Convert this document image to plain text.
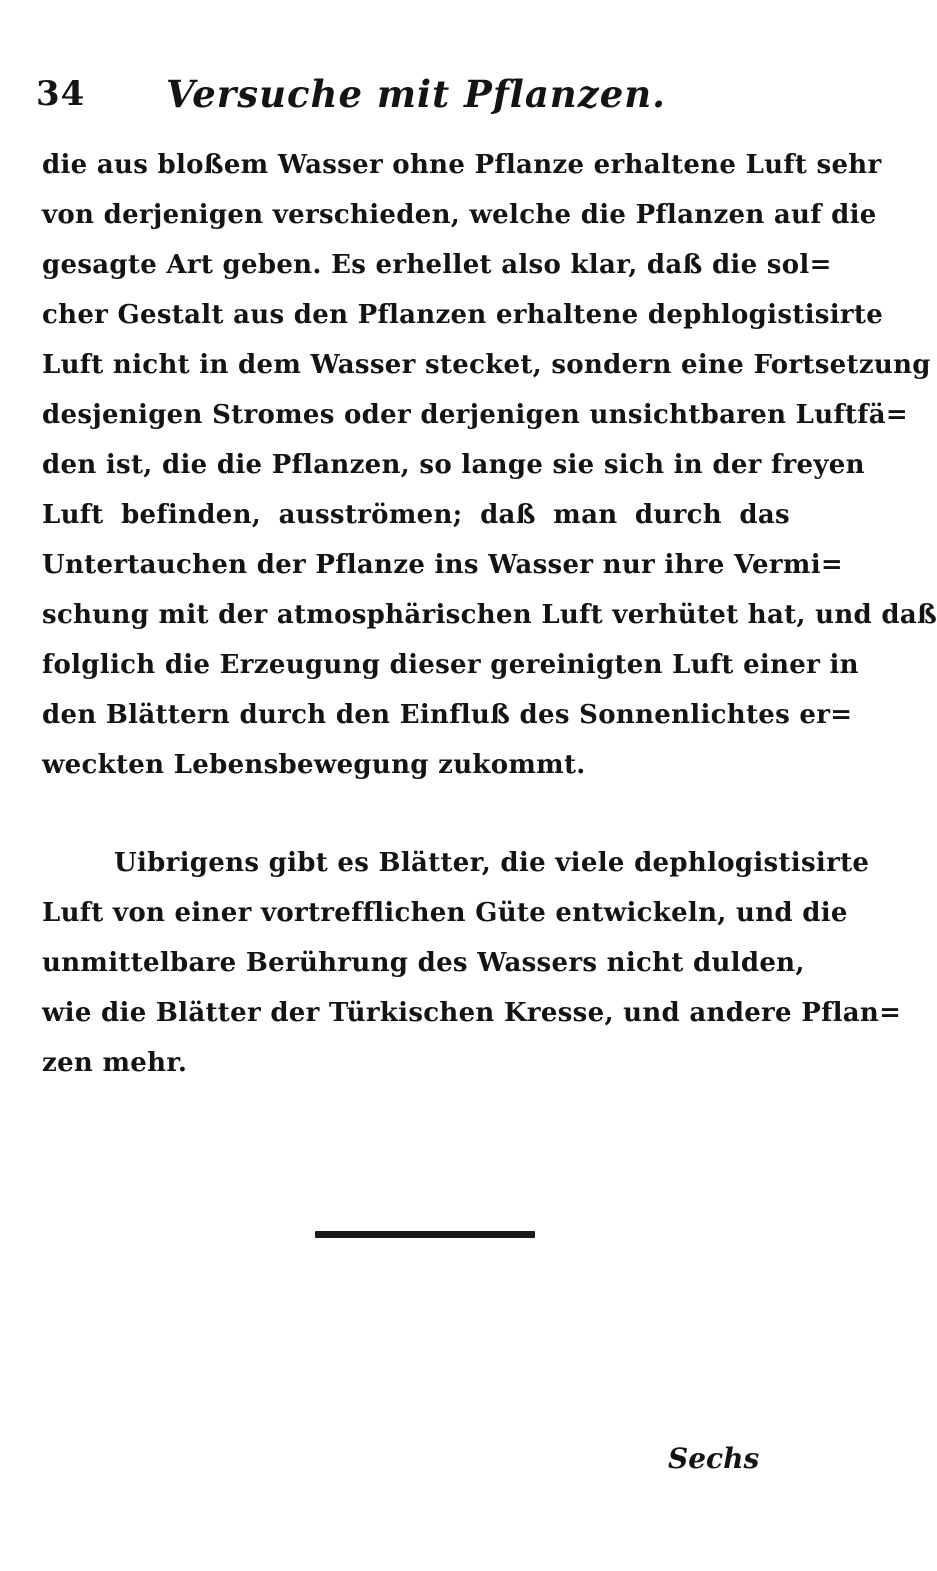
34	Versuche mit Pflanzen.
die aus bloßem Wasser ohne Pflanze erhaltene Luft sehr
von derjenigen verschieden, welche die Pflanzen auf die
gesagte Art geben. Es erhellet also klar, daß die sol=
cher Gestalt aus den Pflanzen erhaltene dephlogistisirte
Luft nicht in dem Wasser stecket, sondern eine Fortsetzung
desjenigen Stromes oder derjenigen unsichtbaren Luftfä=
den ist, die die Pflanzen, so lange sie sich in der freyen
Luft befinden, ausströmen; daß man durch das
Untertauchen der Pflanze ins Wasser nur ihre Vermi=
schung mit der atmosphärischen Luft verhütet hat, und daß
folglich die Erzeugung dieser gereinigten Luft einer in
den Blättern durch den Einfluß des Sonnenlichtes er=
weckten Lebensbewegung zukommt.
Uibrigens gibt es Blätter, die viele dephlogistisirte
Luft von einer vortrefflichen Güte entwickeln, und die
unmittelbare Berührung des Wassers nicht dulden,
wie die Blätter der Türkischen Kresse, und andere Pflan=
zen mehr.
Sechs
